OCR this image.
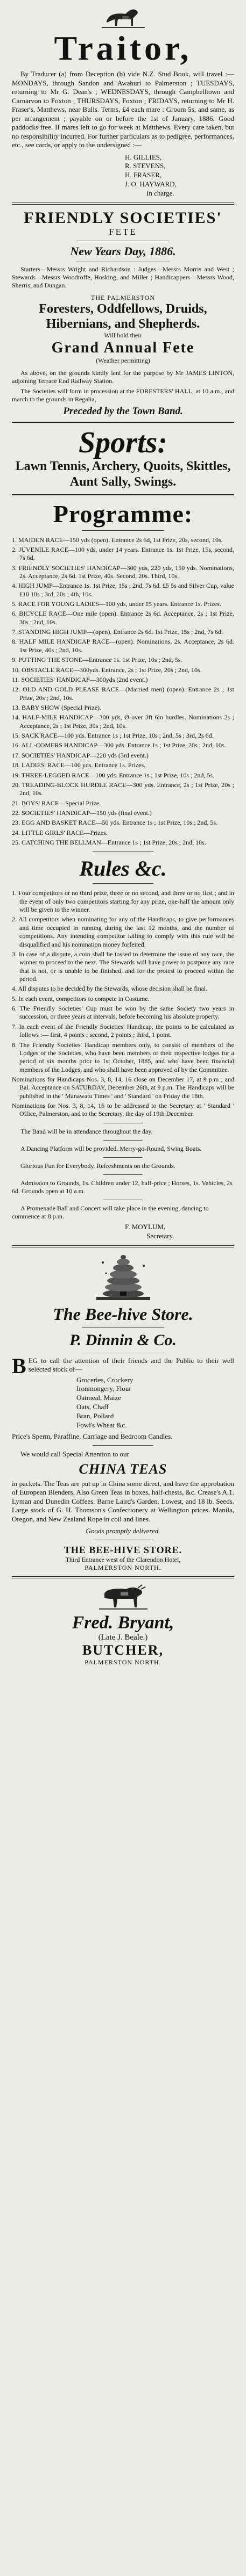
Traitor,

By Traducer (a) from Deception (b) vide N.Z. Stud Book, will travel :—MONDAYS, through Sandon and Awahuri to Palmerston ; TUESDAYS, returning to Mr G. Dean's ; WEDNESDAYS, through Campbelltown and Carnarvon to Foxton ; THURSDAYS, Foxton ; FRIDAYS, returning to Mr H. Fraser's, Matthews, near Bulls. Terms, £4 each mare : Groom 5s, and same, as per arrangement ; payable on or before the 1st of January, 1886. Good paddocks free. If mares left to go for week at Matthews. Every care taken, but no responsibility incurred. For further particulars as to pedigree, performances, etc., see cards, or apply to the undersigned :—

H. GILLIES,
R. STEVENS,
H. FRASER,
J. O. HAYWARD,
In charge.
FRIENDLY SOCIETIES'
FETE
New Years Day, 1886.

Starters—Messrs Wright and Richardson : Judges—Messrs Morris and West ; Stewards—Messrs Woodroffe, Hosking, and Miller ; Handicappers—Messrs Wood, Sherris, and Dungan.

THE PALMERSTON
Foresters, Oddfellows, Druids, Hibernians, and Shepherds.
Will hold their
Grand Annual Fete
(Weather permitting)

As above, on the grounds kindly lent for the purpose by Mr JAMES LINTON, adjoining Terrace End Railway Station.

The Societies will form in procession at the FORESTERS' HALL, at 10 a.m., and march to the grounds in Regalia,

Preceded by the Town Band.
Sports:
Lawn Tennis, Archery, Quoits, Skittles, Aunt Sally, Swings.
Programme:

1. MAIDEN RACE—150 yds (open). Entrance 2s 6d, 1st Prize, 20s, second, 10s.

2. JUVENILE RACE—100 yds, under 14 years. Entrance 1s. 1st Prize, 15s, second, 7s 6d.

3. FRIENDLY SOCIETIES' HANDICAP—300 yds, 220 yds, 150 yds. Nominations, 2s. Acceptance, 2s 6d. 1st Prize, 40s. Second, 20s. Third, 10s.

4. HIGH JUMP—Entrance 1s. 1st Prize, 15s ; 2nd, 7s 6d. £5 5s and Silver Cup, value £10 10s ; 3rd, 20s ; 4th, 10s.

5. RACE FOR YOUNG LADIES—100 yds, under 15 years. Entrance 1s. Prizes.

6. BICYCLE RACE—One mile (open). Entrance 2s 6d. Acceptance, 2s ; 1st Prize, 30s ; 2nd, 10s.

7. STANDING HIGH JUMP—(open). Entrance 2s 6d. 1st Prize, 15s ; 2nd, 7s 6d.

8. HALF MILE HANDICAP RACE—(open). Nominations, 2s. Acceptance, 2s 6d. 1st Prize, 40s ; 2nd, 10s.

9. PUTTING THE STONE—Entrance 1s. 1st Prize, 10s ; 2nd, 5s.

10. OBSTACLE RACE—300yds. Entrance, 2s ; 1st Prize, 20s ; 2nd, 10s.

11. SOCIETIES' HANDICAP—300yds (2nd event.)

12. OLD AND GOLD PLEASE RACE—(Married men) (open). Entrance 2s ; 1st Prize, 20s ; 2nd, 10s.

13. BABY SHOW (Special Prize).

14. HALF-MILE HANDICAP—300 yds, Ø over 3ft 6in hurdles. Nominations 2s ; Acceptance, 2s ; 1st Prize, 30s ; 2nd, 10s.

15. SACK RACE—100 yds. Entrance 1s ; 1st Prize, 10s ; 2nd, 5s ; 3rd, 2s 6d.

16. ALL-COMERS HANDICAP—300 yds. Entrance 1s ; 1st Prize, 20s ; 2nd, 10s.

17. SOCIETIES' HANDICAP—220 yds (3rd event.)

18. LADIES' RACE—100 yds. Entrance 1s. Prizes.

19. THREE-LEGGED RACE—100 yds. Entrance 1s ; 1st Prize, 10s ; 2nd, 5s.

20. TREADING-BLOCK HURDLE RACE—300 yds. Entrance, 2s ; 1st Prize, 20s ; 2nd, 10s.

21. BOYS' RACE—Special Prize.

22. SOCIETIES' HANDICAP—150 yds (final event.)

23. EGG AND BASKET RACE—50 yds. Entrance 1s ; 1st Prize, 10s ; 2nd, 5s.

24. LITTLE GIRLS' RACE—Prizes.

25. CATCHING THE BELLMAN—Entrance 1s ; 1st Prize, 20s ; 2nd, 10s.

Rules &c.

1. Four competitors or no third prize, three or no second, and three or no first ; and in the event of only two competitors starting for any prize, one-half the amount only will be given to the winner.

2. All competitors when nominating for any of the Handicaps, to give performances and time occupied in running during the last 12 months, and the number of competitions. Any intending competitor failing to comply with this rule will be disqualified and his nomination money forfeited.

3. In case of a dispute, a coin shall be tossed to determine the issue of any race, the winner to proceed to the next. The Stewards will have power to postpone any race that is not, or is unable to be finished, and for the protest to proceed within the period.

4. All disputes to be decided by the Stewards, whose decision shall be final.

5. In each event, competitors to compete in Costume.

6. The Friendly Societies' Cup must be won by the same Society two years in succession, or three years at intervals, before becoming his absolute property.

7. In each event of the Friendly Societies' Handicap, the points to be calculated as follows :— first, 4 points ; second, 2 points ; third, 1 point.

8. The Friendly Societies' Handicap members only, to consist of members of the Lodges of the Societies, who have been members of their respective lodges for a period of six months prior to 1st October, 1885, and who have been financial members of the Lodges, and who shall have been approved of by the Committee.

Nominations for Handicaps Nos. 3, 8, 14, 16 close on December 17, at 9 p.m ; and Bal. Acceptance on SATURDAY, December 26th, at 9 p.m. The Handicaps will be published in the ' Manawatu Times ' and ' Standard ' on Friday the 18th.

Nominations for Nos. 3, 8, 14, 16 to be addressed to the Secretary at ' Standard ' Office, Palmerston, and to the Secretary, the day of 19th December.

The Band will be in attendance throughout the day.

A Dancing Platform will be provided. Merry-go-Round, Swing Boats.

Glorious Fun for Everybody. Refreshments on the Grounds.

Admission to Grounds, 1s. Children under 12, half-price ; Horses, 1s. Vehicles, 2s 6d. Grounds open at 10 a.m.

A Promenade Ball and Concert will take place in the evening, dancing to commence at 8 p.m.

F. MOYLUM,
Secretary.
The Bee-hive Store.
P. Dinnin & Co.
BEG to call the attention of their friends and the Public to their well selected stock of—
Groceries, Crockery
Ironmongery, Flour
Oatmeal, Maize
Oats, Chaff
Bran, Pollard
Fowl's Wheat &c.

Price's Sperm, Paraffine, Carriage and Bedroom Candles.

We would call Special Attention to our

CHINA TEAS

in packets. The Teas are put up in China some direct, and have the approbation of European Blenders. Also Green Teas in boxes, half-chests, &c. Crease's A.1. Lyman and Dunedin Coffees. Barne Laird's Garden. Lowest, and 18 lb. Seeds. Large stock of G. H. Thomson's Confectionery at Wellington prices. Manila, Oregon, and New Zealand Rope in coil and lines.

Goods promptly delivered.
THE BEE-HIVE STORE.
Third Entrance west of the Clarendon Hotel,
PALMERSTON NORTH.
Fred. Bryant,
(Late J. Beale.)
BUTCHER,
PALMERSTON NORTH.
